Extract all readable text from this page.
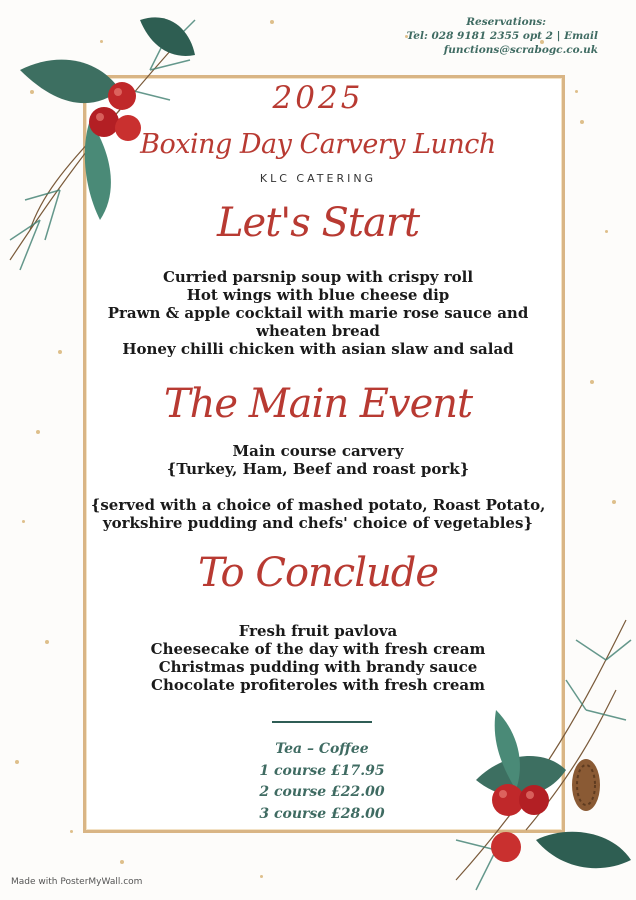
Reservations:
Tel: 028 9181 2355 opt 2 | Email
functions@scrabogc.co.uk
2025
Boxing Day Carvery Lunch
KLC CATERING
Let's Start
Curried parsnip soup with crispy roll
Hot wings with blue cheese dip
Prawn & apple cocktail with marie rose sauce and
wheaten bread
Honey chilli chicken with asian slaw and salad
The Main Event
Main course carvery
{Turkey, Ham, Beef and roast pork}
{served with a choice of mashed potato, Roast Potato,
yorkshire pudding and chefs' choice of vegetables}
To Conclude
Fresh fruit pavlova
Cheesecake of the day with fresh cream
Christmas pudding with brandy sauce
Chocolate profiteroles with fresh cream
Tea – Coffee
1 course £17.95
2 course £22.00
3 course £28.00
Made with PosterMyWall.com
